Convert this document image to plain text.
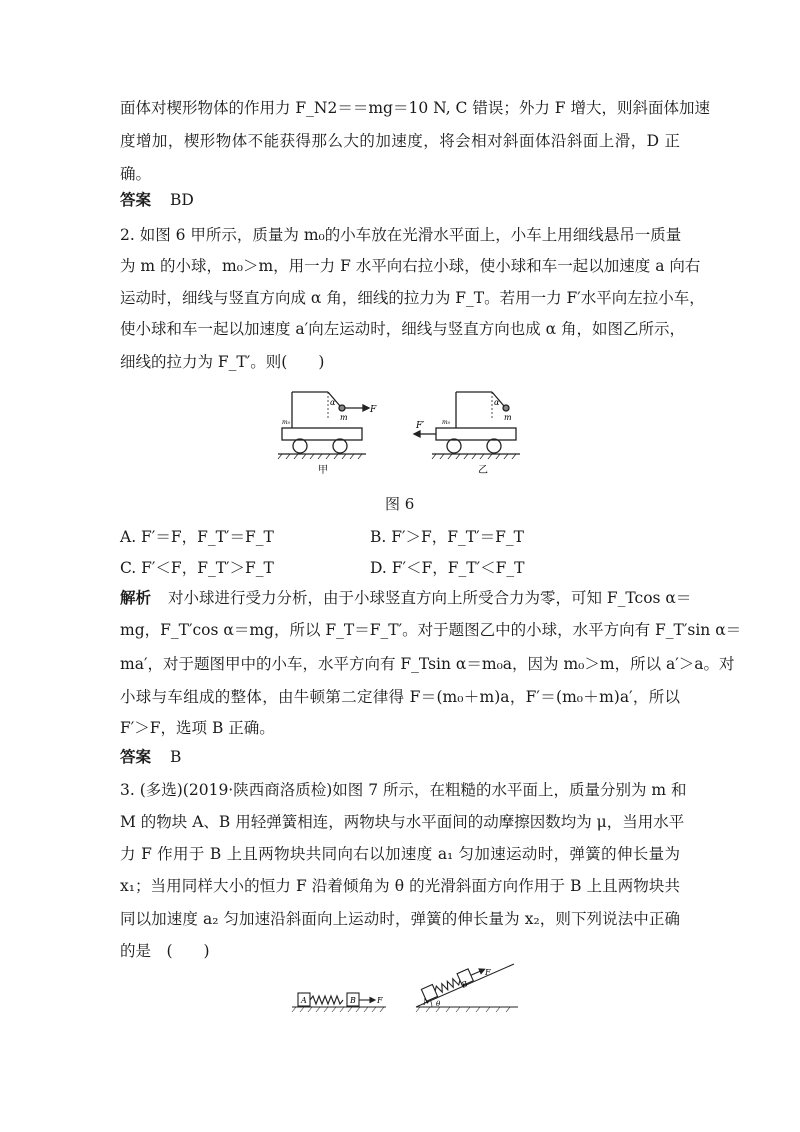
面体对楔形物体的作用力 F_N2＝＝mg＝10 N, C 错误；外力 F 增大，则斜面体加速
度增加，楔形物体不能获得那么大的加速度，将会相对斜面体沿斜面上滑，D 正
确。
答案 BD
2. 如图 6 甲所示，质量为 m₀的小车放在光滑水平面上，小车上用细线悬吊一质量
为 m 的小球，m₀＞m，用一力 F 水平向右拉小球，使小球和车一起以加速度 a 向右
运动时，细线与竖直方向成 α 角，细线的拉力为 F_T。若用一力 F′水平向左拉小车，
使小球和车一起以加速度 a′向左运动时，细线与竖直方向也成 α 角，如图乙所示，
细线的拉力为 F_T′。则(　　)
F
α
m
m₀
甲
F′
α
m
m₀
乙
图 6
A. F′＝F，F_T′＝F_T	B. F′＞F，F_T′＝F_T
C. F′＜F，F_T′＞F_T	D. F′＜F，F_T′＜F_T
解析 对小球进行受力分析，由于小球竖直方向上所受合力为零，可知 F_Tcos α＝
mg，F_T′cos α＝mg，所以 F_T＝F_T′。对于题图乙中的小球，水平方向有 F_T′sin α＝
ma′，对于题图甲中的小车，水平方向有 F_Tsin α＝m₀a，因为 m₀＞m，所以 a′＞a。对
小球与车组成的整体，由牛顿第二定律得 F＝(m₀＋m)a，F′＝(m₀＋m)a′，所以
F′＞F，选项 B 正确。
答案 B
3. (多选)(2019·陕西商洛质检)如图 7 所示，在粗糙的水平面上，质量分别为 m 和
M 的物块 A、B 用轻弹簧相连，两物块与水平面间的动摩擦因数均为 μ，当用水平
力 F 作用于 B 上且两物块共同向右以加速度 a₁ 匀加速运动时，弹簧的伸长量为
x₁；当用同样大小的恒力 F 沿着倾角为 θ 的光滑斜面方向作用于 B 上且两物块共
同以加速度 a₂ 匀加速沿斜面向上运动时，弹簧的伸长量为 x₂，则下列说法中正确
的是　(　　)
A	B	F	A
B
F
θ
